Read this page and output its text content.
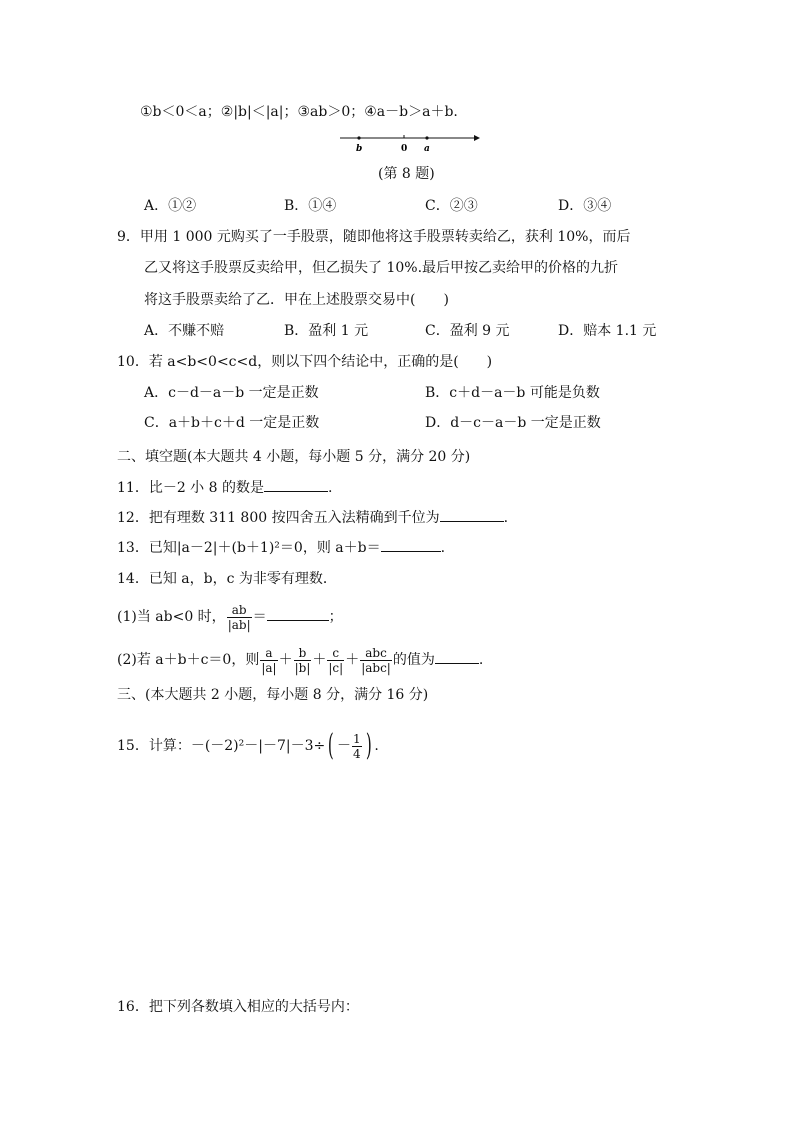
①b＜0＜a；②|b|＜|a|；③ab＞0；④a－b＞a＋b.
b	0 a
(第 8 题)
A．①②	B．①④	C．②③	D．③④
9．甲用 1 000 元购买了一手股票，随即他将这手股票转卖给乙，获利 10%，而后
乙又将这手股票反卖给甲，但乙损失了 10%.最后甲按乙卖给甲的价格的九折
将这手股票卖给了乙．甲在上述股票交易中(　　)
A．不赚不赔	B．盈利 1 元	C．盈利 9 元	D．赔本 1.1 元
10．若 a<b<0<c<d，则以下四个结论中，正确的是(　　)
A．c－d－a－b 一定是正数	B．c＋d－a－b 可能是负数
C．a＋b＋c＋d 一定是正数	D．d－c－a－b 一定是正数
二、填空题(本大题共 4 小题，每小题 5 分，满分 20 分)
11．比－2 小 8 的数是	.
12．把有理数 311 800 按四舍五入法精确到千位为	.
13．已知|a－2|＋(b＋1)²＝0，则 a＋b＝	.
14．已知 a，b，c 为非零有理数．
(1)当 ab<0 时， $\frac{ab}{|ab|}$ ＝	；
(2)若 a＋b＋c＝0，则 $\frac{a}{|a|} + \frac{b}{|b|} + \frac{c}{|c|} + \frac{\text{abc}}{\text{|abc|}}$ 的值为	.
三、(本大题共 2 小题，每小题 8 分，满分 16 分)
15．计算：$-(-2)^2-|-7|-3\div( - \frac{1}{4}$ ) .
16．把下列各数填入相应的大括号内：
